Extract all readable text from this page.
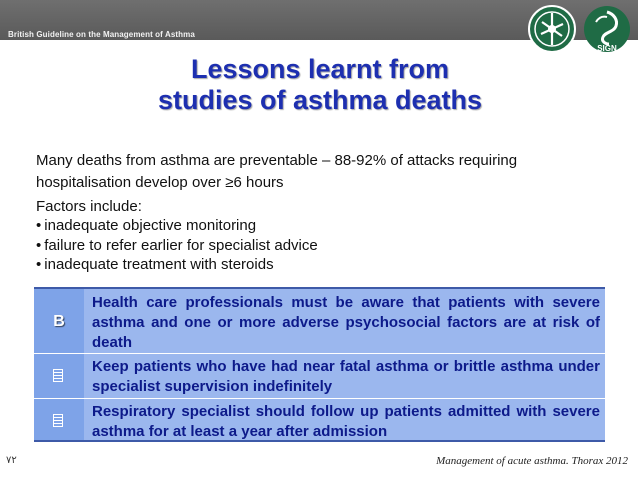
British Guideline on the Management of Asthma
SIGN
Lessons learnt from
studies of asthma deaths
Many deaths from asthma are preventable – 88-92% of attacks requiring
hospitalisation develop over ≥6 hours
Factors include:
• inadequate objective monitoring
• failure to refer earlier for specialist advice
• inadequate treatment with steroids
B
Health care professionals must be aware that patients with severe asthma and one or more adverse psychosocial factors are at risk of death
Keep patients who have had near fatal asthma or brittle asthma under specialist supervision indefinitely
Respiratory specialist should follow up patients admitted with severe asthma for at least a year after admission
٧٢	Management of acute asthma. Thorax 2012
